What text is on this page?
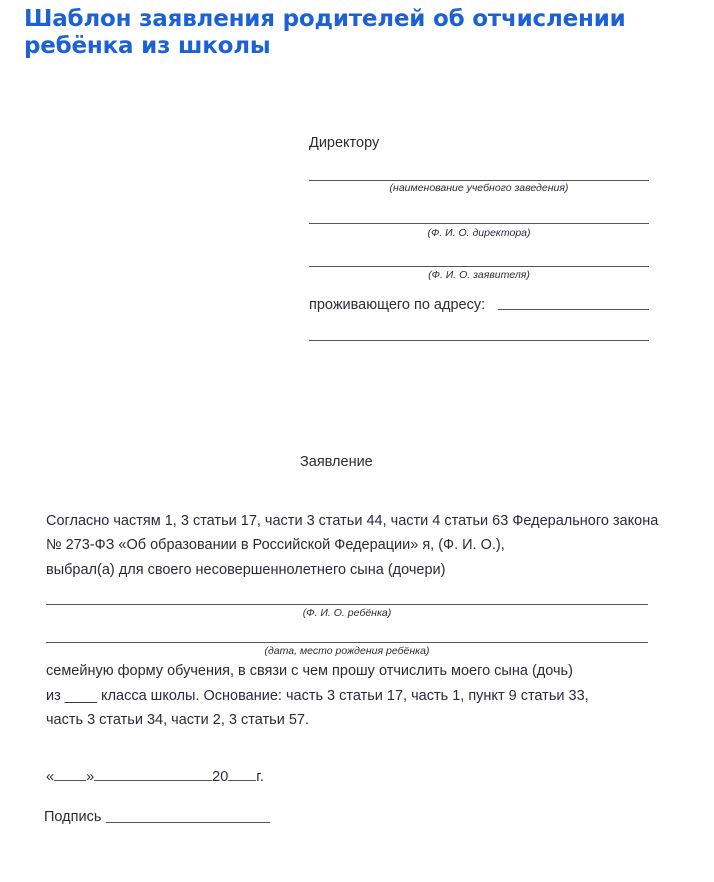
Шаблон заявления родителей об отчислении ребёнка из школы
Директору
(наименование учебного заведения)
(Ф. И. О. директора)
(Ф. И. О. заявителя)
проживающего по адресу:
Заявление
Согласно частям 1, 3 статьи 17, части 3 статьи 44, части 4 статьи 63 Федерального закона
№ 273-ФЗ «Об образовании в Российской Федерации» я, (Ф. И. О.),
выбрал(а) для своего несовершеннолетнего сына (дочери)
(Ф. И. О. ребёнка)
(дата, место рождения ребёнка)
семейную форму обучения, в связи с чем прошу отчислить моего сына (дочь)
из ____ класса школы. Основание: часть 3 статьи 17, часть 1, пункт 9 статьи 33,
часть 3 статьи 34, части 2, 3 статьи 57.
« »	20 г.
Подпись
